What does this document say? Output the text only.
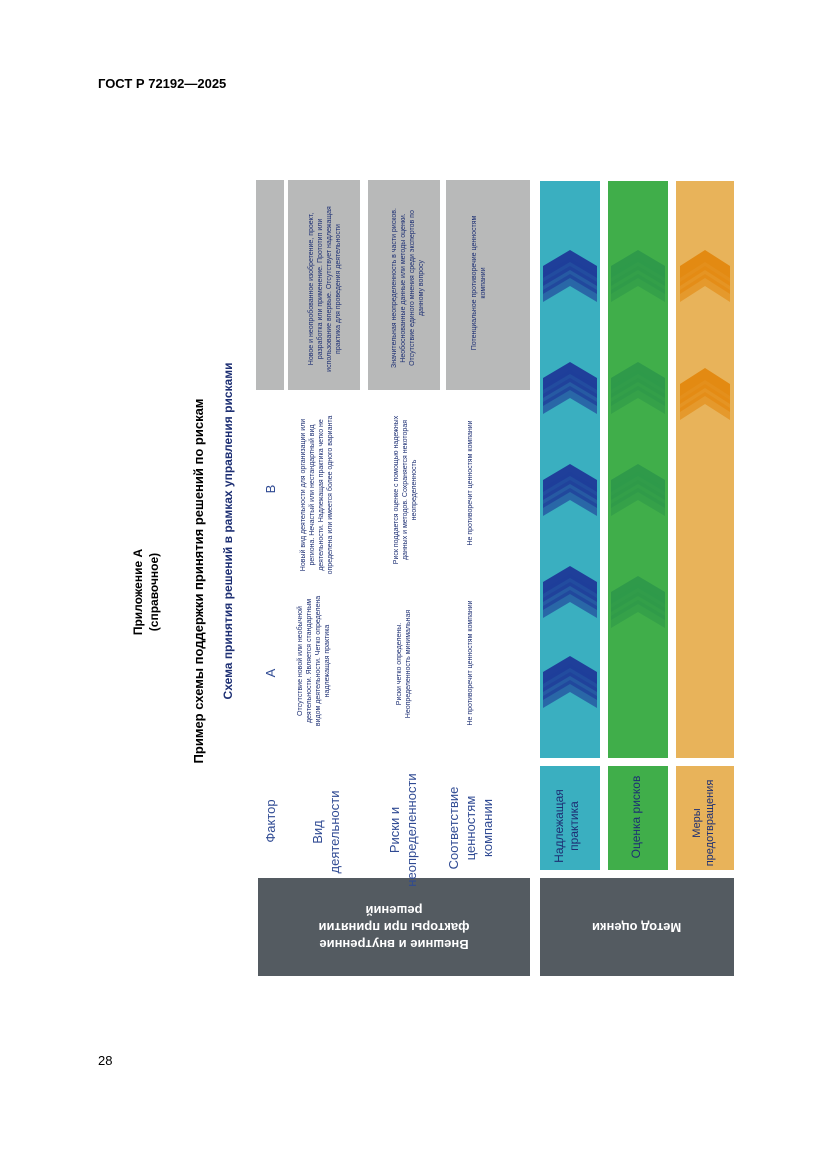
ГОСТ Р 72192—2025
28
Приложение А (справочное) Пример схемы поддержки принятия решений по рискам Схема принятия решений в рамках управления рисками
Внешние и внутренние факторы при принятии решений
Метод оценки
Фактор Вид деятельности	Риски и неопределенности	Соответствие ценностям компании
A
B
Отсутствие новой или необычной деятельности. Является стандартным видом деятельности. Четко определена надлежащая практика	Риски четко определены. Неопределенность минимальная	Не противоречит ценностям компании
Новый вид деятельности для организации или региона. Нечастый или нестандартный вид деятельности. Надлежащая практика четко не определена или имеется более одного варианта	Риск поддается оценке с помощью надежных данных и методов. Сохраняется некоторая неопределенность	Не противоречит ценностям компании
Новое и неопробованное изобретение, проект, разработка или применение. Прототип или использование впервые. Отсутствует надлежащая практика для проведения деятельности	Значительная неопределенность в части рисков. Необоснованные данные или методы оценки. Отсутствие единого мнения среди экспертов по данному вопросу	Потенциальное противоречие ценностям компании
Надлежащая практика	Оценка рисков	Меры предотвращения
